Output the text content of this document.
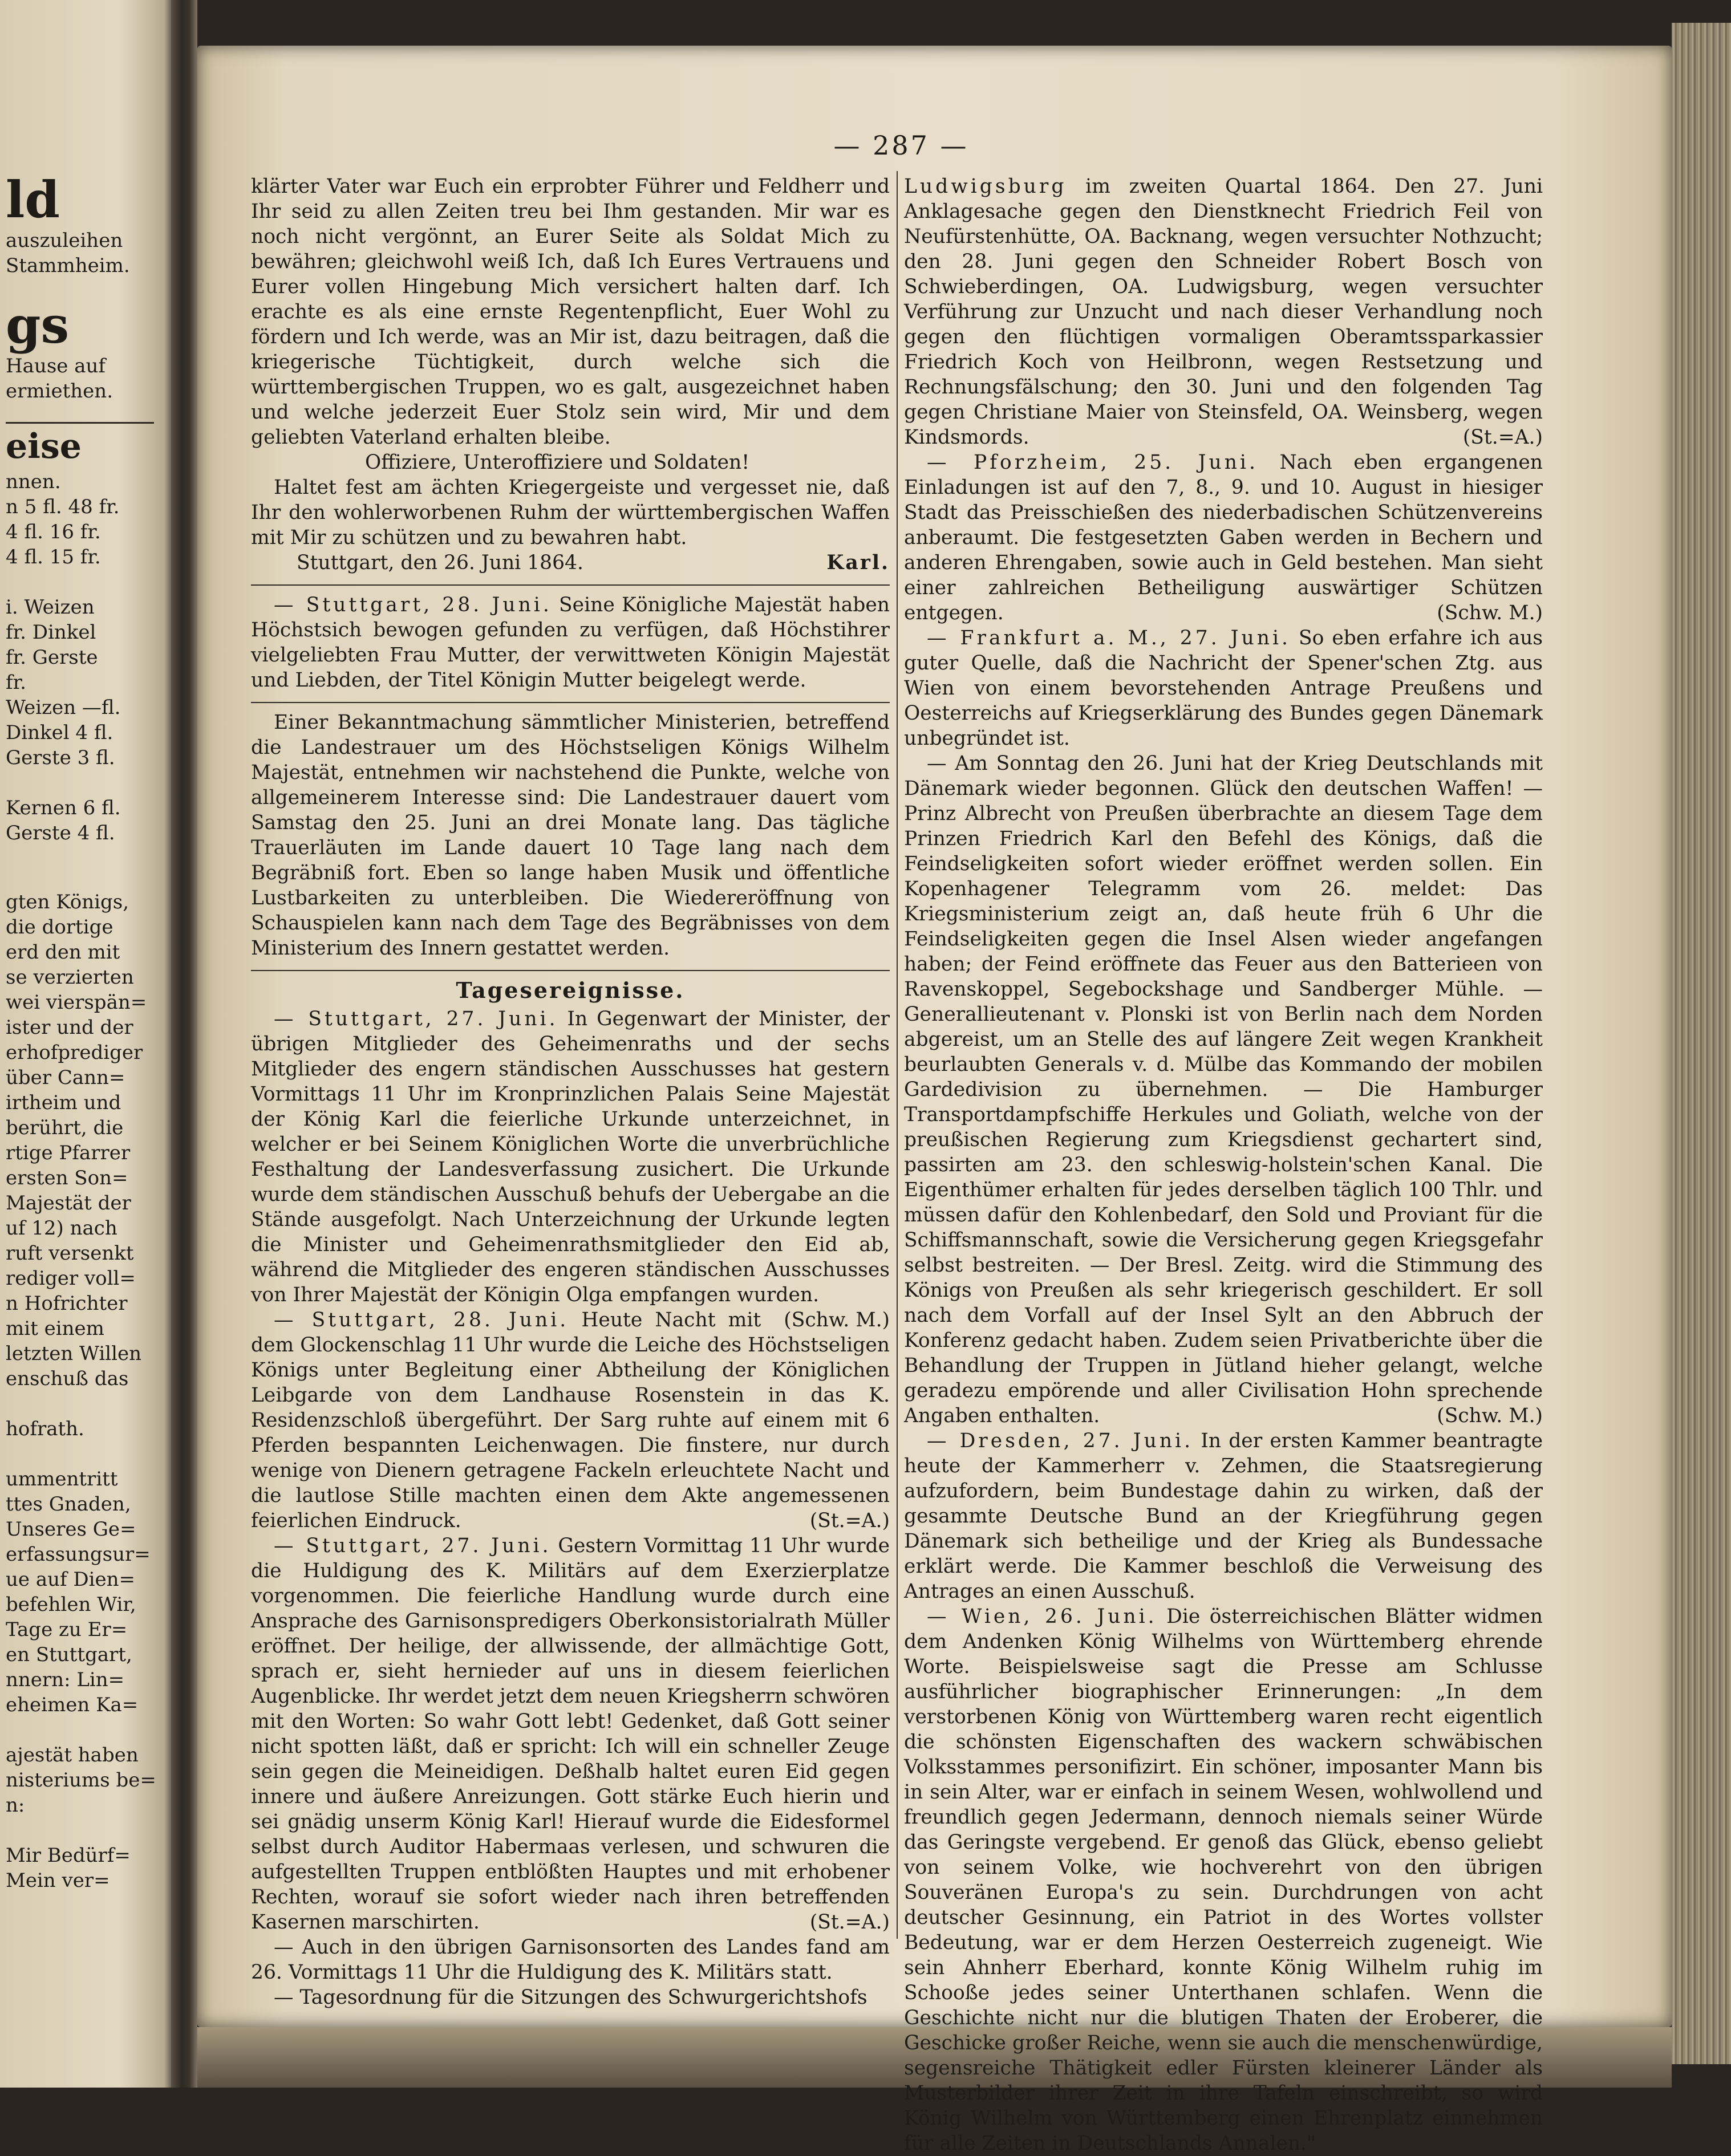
ld
auszuleihen
Stammheim.
gs
Hause auf
ermiethen.
eise
nnen.
n 5 fl. 48 fr.
4 fl. 16 fr.
4 fl. 15 fr.

i. Weizen
fr. Dinkel
fr. Gerste
fr.
Weizen —fl.
Dinkel 4 fl.
Gerste 3 fl.

Kernen 6 fl.
Gerste 4 fl.
gten Königs,
die dortige
erd den mit
se verzierten
wei vierspän=
ister und der
erhofprediger
über Cann=
irtheim und
berührt, die
rtige Pfarrer
ersten Son=
Majestät der
uf 12) nach
ruft versenkt
rediger voll=
n Hofrichter
mit einem
letzten Willen
enschuß das

hofrath.

ummentritt
ttes Gnaden,
Unseres Ge=
erfassungsur=
ue auf Dien=
befehlen Wir,
Tage zu Er=
en Stuttgart,
nnern: Lin=
eheimen Ka=

ajestät haben
nisteriums be=
n:

Mir Bedürf=
Mein ver=
— 287 —

klärter Vater war Euch ein erprobter Führer und Feldherr und Ihr seid zu allen Zeiten treu bei Ihm gestanden. Mir war es noch nicht vergönnt, an Eurer Seite als Soldat Mich zu bewähren; gleichwohl weiß Ich, daß Ich Eures Vertrauens und Eurer vollen Hingebung Mich versichert halten darf. Ich erachte es als eine ernste Regentenpflicht, Euer Wohl zu fördern und Ich werde, was an Mir ist, dazu beitragen, daß die kriegerische Tüchtigkeit, durch welche sich die württembergischen Truppen, wo es galt, ausgezeichnet haben und welche jederzeit Euer Stolz sein wird, Mir und dem geliebten Vaterland erhalten bleibe.

Offiziere, Unteroffiziere und Soldaten!

Haltet fest am ächten Kriegergeiste und vergesset nie, daß Ihr den wohlerworbenen Ruhm der württembergischen Waffen mit Mir zu schützen und zu bewahren habt.

Stuttgart, den 26. Juni 1864.	Karl.

— Stuttgart, 28. Juni. Seine Königliche Majestät haben Höchstsich bewogen gefunden zu verfügen, daß Höchstihrer vielgeliebten Frau Mutter, der verwittweten Königin Majestät und Liebden, der Titel Königin Mutter beigelegt werde.

Einer Bekanntmachung sämmtlicher Ministerien, betreffend die Landestrauer um des Höchstseligen Königs Wilhelm Majestät, entnehmen wir nachstehend die Punkte, welche von allgemeinerem Interesse sind: Die Landestrauer dauert vom Samstag den 25. Juni an drei Monate lang. Das tägliche Trauerläuten im Lande dauert 10 Tage lang nach dem Begräbniß fort. Eben so lange haben Musik und öffentliche Lustbarkeiten zu unterbleiben. Die Wiedereröffnung von Schauspielen kann nach dem Tage des Begräbnisses von dem Ministerium des Innern gestattet werden.

Tagesereignisse.

— Stuttgart, 27. Juni. In Gegenwart der Minister, der übrigen Mitglieder des Geheimenraths und der sechs Mitglieder des engern ständischen Ausschusses hat gestern Vormittags 11 Uhr im Kronprinzlichen Palais Seine Majestät der König Karl die feierliche Urkunde unterzeichnet, in welcher er bei Seinem Königlichen Worte die unverbrüchliche Festhaltung der Landesverfassung zusichert. Die Urkunde wurde dem ständischen Ausschuß behufs der Uebergabe an die Stände ausgefolgt. Nach Unterzeichnung der Urkunde legten die Minister und Geheimenrathsmitglieder den Eid ab, während die Mitglieder des engeren ständischen Ausschusses von Ihrer Majestät der Königin Olga empfangen wurden.
(Schw. M.)

— Stuttgart, 28. Juni. Heute Nacht mit dem Glockenschlag 11 Uhr wurde die Leiche des Höchstseligen Königs unter Begleitung einer Abtheilung der Königlichen Leibgarde von dem Landhause Rosenstein in das K. Residenzschloß übergeführt. Der Sarg ruhte auf einem mit 6 Pferden bespannten Leichenwagen. Die finstere, nur durch wenige von Dienern getragene Fackeln erleuchtete Nacht und die lautlose Stille machten einen dem Akte angemessenen feierlichen Eindruck.	(St.=A.)

— Stuttgart, 27. Juni. Gestern Vormittag 11 Uhr wurde die Huldigung des K. Militärs auf dem Exerzierplatze vorgenommen. Die feierliche Handlung wurde durch eine Ansprache des Garnisonspredigers Oberkonsistorialrath Müller eröffnet. Der heilige, der allwissende, der allmächtige Gott, sprach er, sieht hernieder auf uns in diesem feierlichen Augenblicke. Ihr werdet jetzt dem neuen Kriegsherrn schwören mit den Worten: So wahr Gott lebt! Gedenket, daß Gott seiner nicht spotten läßt, daß er spricht: Ich will ein schneller Zeuge sein gegen die Meineidigen. Deßhalb haltet euren Eid gegen innere und äußere Anreizungen. Gott stärke Euch hierin und sei gnädig unserm König Karl! Hierauf wurde die Eidesformel selbst durch Auditor Habermaas verlesen, und schwuren die aufgestellten Truppen entblößten Hauptes und mit erhobener Rechten, worauf sie sofort wieder nach ihren betreffenden Kasernen marschirten.	(St.=A.)

— Auch in den übrigen Garnisonsorten des Landes fand am 26. Vormittags 11 Uhr die Huldigung des K. Militärs statt.

— Tagesordnung für die Sitzungen des Schwurgerichtshofs

Ludwigsburg im zweiten Quartal 1864. Den 27. Juni Anklagesache gegen den Dienstknecht Friedrich Feil von Neufürstenhütte, OA. Backnang, wegen versuchter Nothzucht; den 28. Juni gegen den Schneider Robert Bosch von Schwieberdingen, OA. Ludwigsburg, wegen versuchter Verführung zur Unzucht und nach dieser Verhandlung noch gegen den flüchtigen vormaligen Oberamtssparkassier Friedrich Koch von Heilbronn, wegen Restsetzung und Rechnungsfälschung; den 30. Juni und den folgenden Tag gegen Christiane Maier von Steinsfeld, OA. Weinsberg, wegen Kindsmords.	(St.=A.)

— Pforzheim, 25. Juni. Nach eben ergangenen Einladungen ist auf den 7, 8., 9. und 10. August in hiesiger Stadt das Preisschießen des niederbadischen Schützenvereins anberaumt. Die festgesetzten Gaben werden in Bechern und anderen Ehrengaben, sowie auch in Geld bestehen. Man sieht einer zahlreichen Betheiligung auswärtiger Schützen entgegen.	(Schw. M.)

— Frankfurt a. M., 27. Juni. So eben erfahre ich aus guter Quelle, daß die Nachricht der Spener'schen Ztg. aus Wien von einem bevorstehenden Antrage Preußens und Oesterreichs auf Kriegserklärung des Bundes gegen Dänemark unbegründet ist.

— Am Sonntag den 26. Juni hat der Krieg Deutschlands mit Dänemark wieder begonnen. Glück den deutschen Waffen! — Prinz Albrecht von Preußen überbrachte an diesem Tage dem Prinzen Friedrich Karl den Befehl des Königs, daß die Feindseligkeiten sofort wieder eröffnet werden sollen. Ein Kopenhagener Telegramm vom 26. meldet: Das Kriegsministerium zeigt an, daß heute früh 6 Uhr die Feindseligkeiten gegen die Insel Alsen wieder angefangen haben; der Feind eröffnete das Feuer aus den Batterieen von Ravenskoppel, Segebockshage und Sandberger Mühle. — Generallieutenant v. Plonski ist von Berlin nach dem Norden abgereist, um an Stelle des auf längere Zeit wegen Krankheit beurlaubten Generals v. d. Mülbe das Kommando der mobilen Gardedivision zu übernehmen. — Die Hamburger Transportdampfschiffe Herkules und Goliath, welche von der preußischen Regierung zum Kriegsdienst gechartert sind, passirten am 23. den schleswig-holstein'schen Kanal. Die Eigenthümer erhalten für jedes derselben täglich 100 Thlr. und müssen dafür den Kohlenbedarf, den Sold und Proviant für die Schiffsmannschaft, sowie die Versicherung gegen Kriegsgefahr selbst bestreiten. — Der Bresl. Zeitg. wird die Stimmung des Königs von Preußen als sehr kriegerisch geschildert. Er soll nach dem Vorfall auf der Insel Sylt an den Abbruch der Konferenz gedacht haben. Zudem seien Privatberichte über die Behandlung der Truppen in Jütland hieher gelangt, welche geradezu empörende und aller Civilisation Hohn sprechende Angaben enthalten.	(Schw. M.)

— Dresden, 27. Juni. In der ersten Kammer beantragte heute der Kammerherr v. Zehmen, die Staatsregierung aufzufordern, beim Bundestage dahin zu wirken, daß der gesammte Deutsche Bund an der Kriegführung gegen Dänemark sich betheilige und der Krieg als Bundessache erklärt werde. Die Kammer beschloß die Verweisung des Antrages an einen Ausschuß.

— Wien, 26. Juni. Die österreichischen Blätter widmen dem Andenken König Wilhelms von Württemberg ehrende Worte. Beispielsweise sagt die Presse am Schlusse ausführlicher biographischer Erinnerungen: „In dem verstorbenen König von Württemberg waren recht eigentlich die schönsten Eigenschaften des wackern schwäbischen Volksstammes personifizirt. Ein schöner, imposanter Mann bis in sein Alter, war er einfach in seinem Wesen, wohlwollend und freundlich gegen Jedermann, dennoch niemals seiner Würde das Geringste vergebend. Er genoß das Glück, ebenso geliebt von seinem Volke, wie hochverehrt von den übrigen Souveränen Europa's zu sein. Durchdrungen von acht deutscher Gesinnung, ein Patriot in des Wortes vollster Bedeutung, war er dem Herzen Oesterreich zugeneigt. Wie sein Ahnherr Eberhard, konnte König Wilhelm ruhig im Schooße jedes seiner Unterthanen schlafen. Wenn die Geschichte nicht nur die blutigen Thaten der Eroberer, die Geschicke großer Reiche, wenn sie auch die menschenwürdige, segensreiche Thätigkeit edler Fürsten kleinerer Länder als Musterbilder ihrer Zeit in ihre Tafeln einschreibt, so wird König Wilhelm von Württemberg einen Ehrenplatz einnehmen für alle Zeiten in Deutschlands Annalen."
